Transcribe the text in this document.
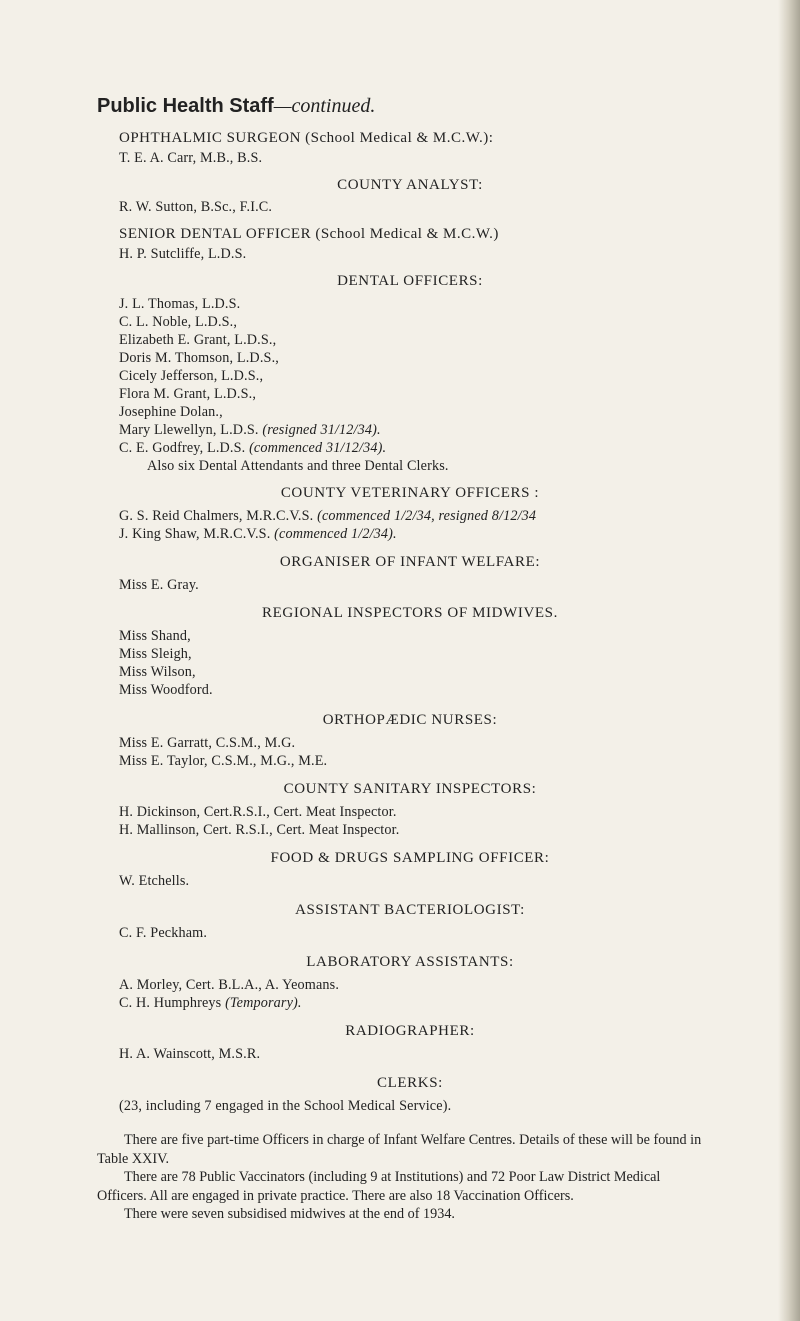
Public Health Staff—continued.
OPHTHALMIC SURGEON (School Medical & M.C.W.):
T. E. A. Carr, M.B., B.S.
COUNTY ANALYST:
R. W. Sutton, B.Sc., F.I.C.
SENIOR DENTAL OFFICER (School Medical & M.C.W.)
H. P. Sutcliffe, L.D.S.
DENTAL OFFICERS:
J. L. Thomas, L.D.S.
C. L. Noble, L.D.S.,
Elizabeth E. Grant, L.D.S.,
Doris M. Thomson, L.D.S.,
Cicely Jefferson, L.D.S.,
Flora M. Grant, L.D.S.,
Josephine Dolan.,
Mary Llewellyn, L.D.S. (resigned 31/12/34).
C. E. Godfrey, L.D.S. (commenced 31/12/34).
Also six Dental Attendants and three Dental Clerks.
COUNTY VETERINARY OFFICERS :
G. S. Reid Chalmers, M.R.C.V.S. (commenced 1/2/34, resigned 8/12/34
J. King Shaw, M.R.C.V.S. (commenced 1/2/34).
ORGANISER OF INFANT WELFARE:
Miss E. Gray.
REGIONAL INSPECTORS OF MIDWIVES.
Miss Shand,
Miss Sleigh,
Miss Wilson,
Miss Woodford.
ORTHOPÆDIC NURSES:
Miss E. Garratt, C.S.M., M.G.
Miss E. Taylor, C.S.M., M.G., M.E.
COUNTY SANITARY INSPECTORS:
H. Dickinson, Cert.R.S.I., Cert. Meat Inspector.
H. Mallinson, Cert. R.S.I., Cert. Meat Inspector.
FOOD & DRUGS SAMPLING OFFICER:
W. Etchells.
ASSISTANT BACTERIOLOGIST:
C. F. Peckham.
LABORATORY ASSISTANTS:
A. Morley, Cert. B.L.A., A. Yeomans.
C. H. Humphreys (Temporary).
RADIOGRAPHER:
H. A. Wainscott, M.S.R.
CLERKS:
(23, including 7 engaged in the School Medical Service).

There are five part-time Officers in charge of Infant Welfare Centres. Details of these will be found in Table XXIV.

There are 78 Public Vaccinators (including 9 at Institutions) and 72 Poor Law District Medical Officers. All are engaged in private practice. There are also 18 Vaccination Officers.

There were seven subsidised midwives at the end of 1934.
